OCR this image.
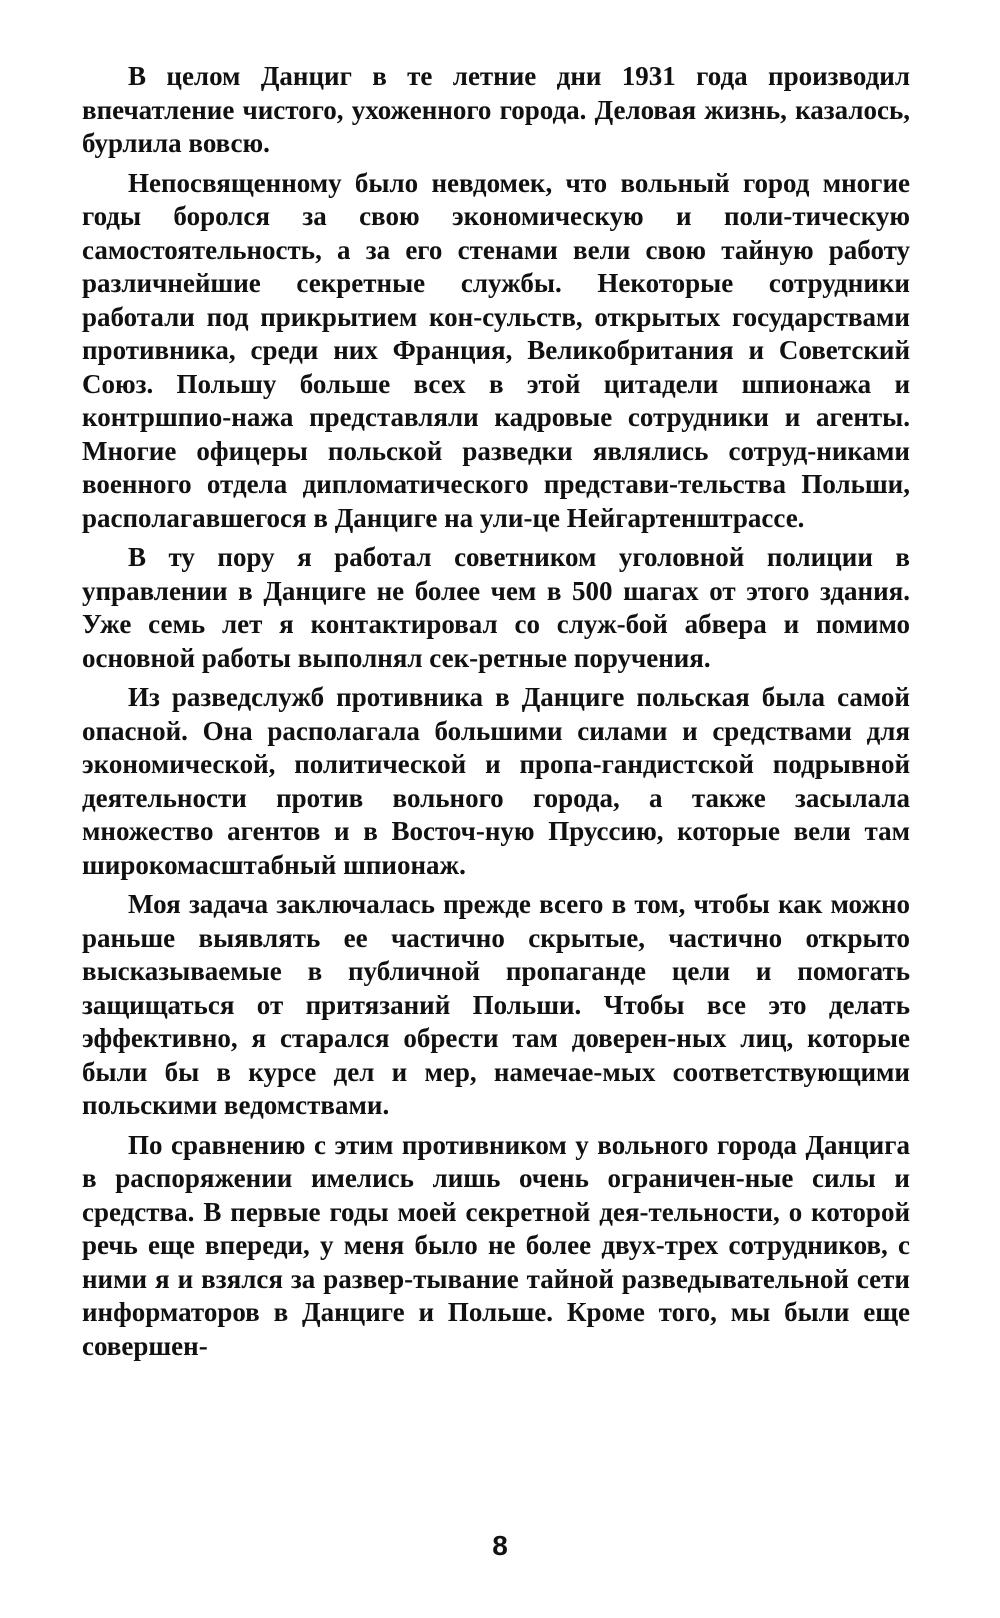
В целом Данциг в те летние дни 1931 года производил впечатление чистого, ухоженного города. Деловая жизнь, казалось, бурлила вовсю.

Непосвященному было невдомек, что вольный город многие годы боролся за свою экономическую и поли-тическую самостоятельность, а за его стенами вели свою тайную работу различнейшие секретные службы. Некоторые сотрудники работали под прикрытием кон-сульств, открытых государствами противника, среди них Франция, Великобритания и Советский Союз. Польшу больше всех в этой цитадели шпионажа и контршпио-нажа представляли кадровые сотрудники и агенты. Многие офицеры польской разведки являлись сотруд-никами военного отдела дипломатического представи-тельства Польши, располагавшегося в Данциге на ули-це Нейгартенштрассе.

В ту пору я работал советником уголовной полиции в управлении в Данциге не более чем в 500 шагах от этого здания. Уже семь лет я контактировал со служ-бой абвера и помимо основной работы выполнял сек-ретные поручения.

Из разведслужб противника в Данциге польская была самой опасной. Она располагала большими силами и средствами для экономической, политической и пропа-гандистской подрывной деятельности против вольного города, а также засылала множество агентов и в Восточ-ную Пруссию, которые вели там широкомасштабный шпионаж.

Моя задача заключалась прежде всего в том, чтобы как можно раньше выявлять ее частично скрытые, частично открыто высказываемые в публичной пропаганде цели и помогать защищаться от притязаний Польши. Чтобы все это делать эффективно, я старался обрести там доверен-ных лиц, которые были бы в курсе дел и мер, намечае-мых соответствующими польскими ведомствами.

По сравнению с этим противником у вольного города Данцига в распоряжении имелись лишь очень ограничен-ные силы и средства. В первые годы моей секретной дея-тельности, о которой речь еще впереди, у меня было не более двух-трех сотрудников, с ними я и взялся за развер-тывание тайной разведывательной сети информаторов в Данциге и Польше. Кроме того, мы были еще совершен-

8
